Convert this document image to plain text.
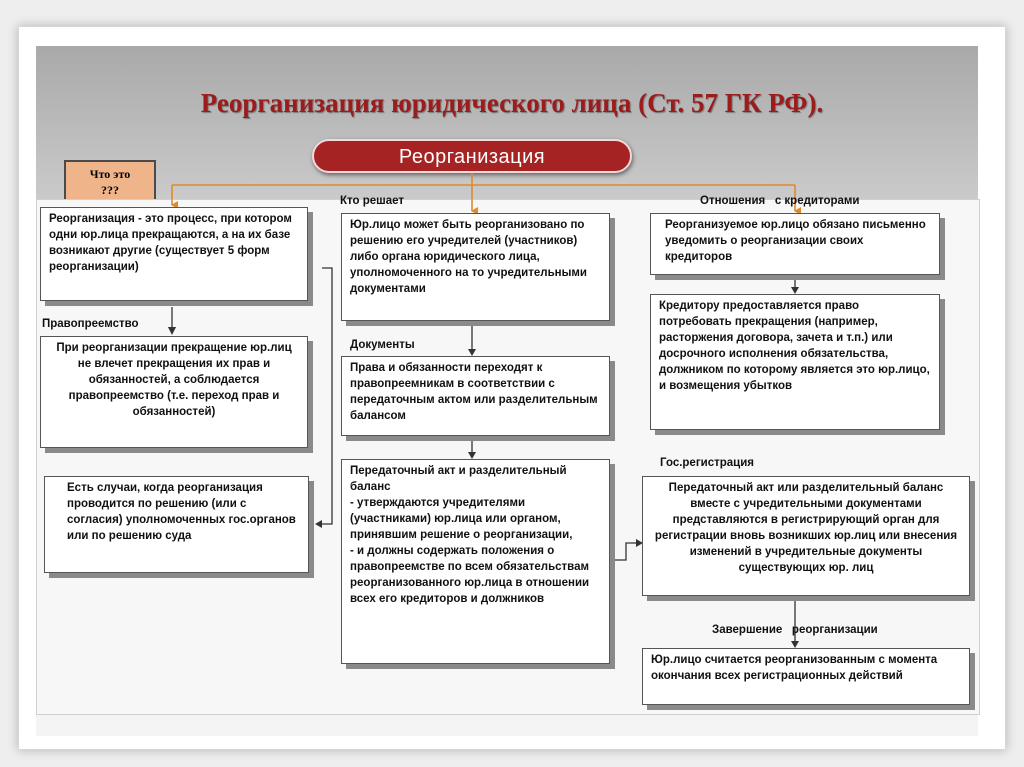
Реорганизация юридического лица (Ст. 57 ГК РФ).
Реорганизация
Что это
???
Кто решает	Отношения   с кредиторами
Правопреемство
Документы
Гос.регистрация
Завершение   реорганизации
Реорганизация - это процесс, при котором одни юр.лица прекращаются, а на их базе возникают другие (существует 5 форм реорганизации)
При реорганизации прекращение юр.лиц не влечет прекращения их прав и обязанностей, а соблюдается правопреемство (т.е. переход прав и обязанностей)
Есть случаи, когда реорганизация проводится по решению (или с согласия) уполномоченных гос.органов или по решению суда
Юр.лицо может быть реорганизовано по решению его учредителей (участников) либо органа юридического лица, уполномоченного на то учредительными документами
Права и обязанности переходят к правопреемникам в соответствии с передаточным актом или разделительным балансом
Передаточный акт и разделительный баланс
- утверждаются учредителями (участниками) юр.лица или органом, принявшим решение о реорганизации,
- и должны содержать положения о правопреемстве по всем обязательствам реорганизованного юр.лица в отношении всех его кредиторов и должников
Реорганизуемое юр.лицо обязано письменно уведомить о реорганизации своих кредиторов
Кредитору предоставляется право потребовать прекращения (например, расторжения договора, зачета и т.п.) или досрочного исполнения обязательства, должником по которому является это юр.лицо, и возмещения убытков
Передаточный акт или разделительный баланс вместе с учредительными документами представляются в регистрирующий орган для регистрации вновь возникших юр.лиц или внесения изменений в учредительные документы существующих юр. лиц
Юр.лицо считается реорганизованным с момента окончания всех регистрационных действий
